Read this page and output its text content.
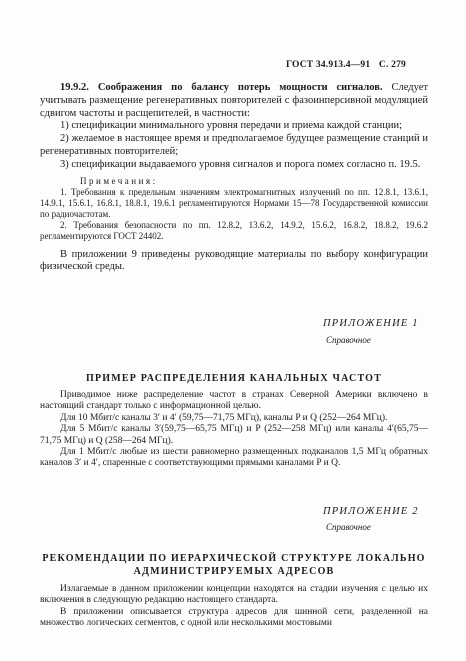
ГОСТ 34.913.4—91 С. 279

19.9.2. Соображения по балансу потерь мощности сигналов. Следует учитывать размещение регенеративных повторителей с фазоинперсивной модуляцией сдвигом частоты и расщепителей, в частности:

1) спецификации минимального уровня передачи и приема каждой станции;

2) желаемое в настоящее время и предполагаемое будущее размещение станций и регенеративных повторителей;

3) спецификации выдаваемого уровня сигналов и порога помех согласно п. 19.5.

Примечания:

1. Требования к предельным значениям электромагнитных излучений по пп. 12.8.1, 13.6.1, 14.9.1, 15.6.1, 16.8.1, 18.8.1, 19.6.1 регламентируются Нормами 15—78 Государственной комиссии по радиочастотам.

2. Требования безопасности по пп. 12.8.2, 13.6.2, 14.9.2, 15.6.2, 16.8.2, 18.8.2, 19.6.2 регламентируются ГОСТ 24402.

В приложении 9 приведены руководящие материалы по выбору конфигурации физической среды.

ПРИЛОЖЕНИЕ 1
Справочное
ПРИМЕР РАСПРЕДЕЛЕНИЯ КАНАЛЬНЫХ ЧАСТОТ

Приводимое ниже распределение частот в странах Северной Америки включено в настоящий стандарт только с информационной целью.

Для 10 Мбит/с каналы 3′ и 4′ (59,75—71,75 МГц), каналы P и Q (252—264 МГц).

Для 5 Мбит/с каналы 3′(59,75—65,75 МГц) и P (252—258 МГц) или каналы 4′(65,75—71,75 МГц) и Q (258—264 МГц).

Для 1 Мбит/с любые из шести равномерно размещенных подканалов 1,5 МГц обратных каналов 3′ и 4′, спаренные с соответствующими прямыми каналами P и Q.

ПРИЛОЖЕНИЕ 2
Справочное
РЕКОМЕНДАЦИИ ПО ИЕРАРХИЧЕСКОЙ СТРУКТУРЕ ЛОКАЛЬНО
АДМИНИСТРИРУЕМЫХ АДРЕСОВ

Излагаемые в данном приложении концепции находятся на стадии изучения с целью их включения в следующую редакцию настоящего стандарта.

В приложении описывается структура адресов для шинной сети, разделенной на множество логических сегментов, с одной или несколькими мостовыми
